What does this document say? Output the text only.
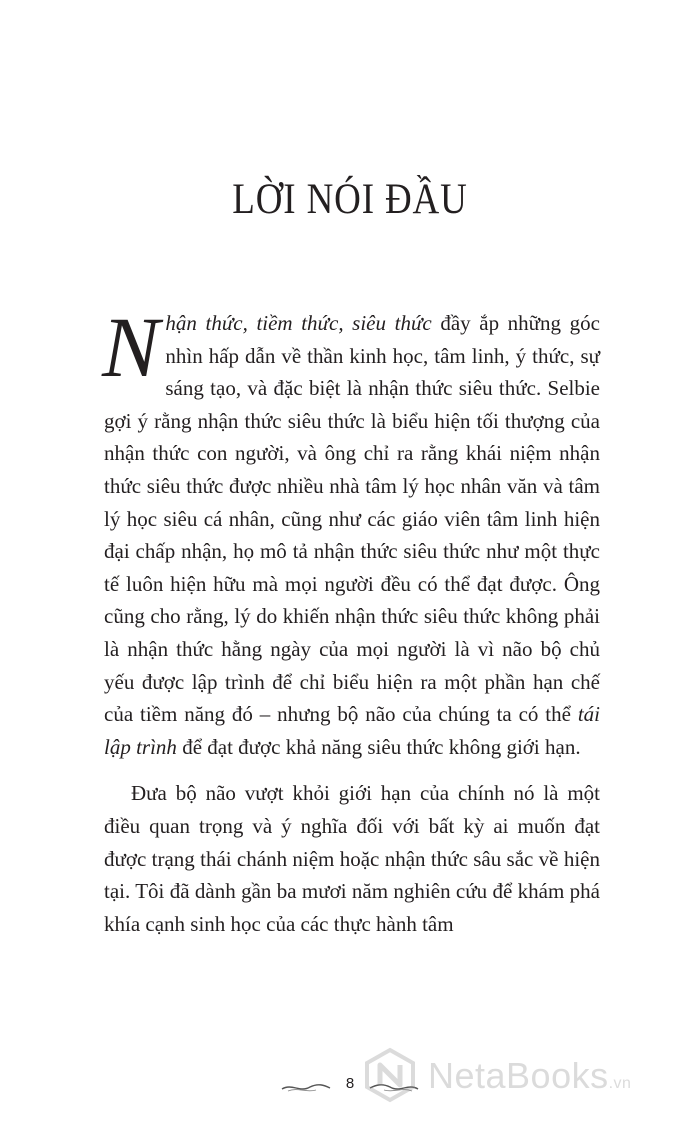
LỜI NÓI ĐẦU

Nhận thức, tiềm thức, siêu thức đầy ắp những góc nhìn hấp dẫn về thần kinh học, tâm linh, ý thức, sự sáng tạo, và đặc biệt là nhận thức siêu thức. Selbie gợi ý rằng nhận thức siêu thức là biểu hiện tối thượng của nhận thức con người, và ông chỉ ra rằng khái niệm nhận thức siêu thức được nhiều nhà tâm lý học nhân văn và tâm lý học siêu cá nhân, cũng như các giáo viên tâm linh hiện đại chấp nhận, họ mô tả nhận thức siêu thức như một thực tế luôn hiện hữu mà mọi người đều có thể đạt được. Ông cũng cho rằng, lý do khiến nhận thức siêu thức không phải là nhận thức hằng ngày của mọi người là vì não bộ chủ yếu được lập trình để chỉ biểu hiện ra một phần hạn chế của tiềm năng đó – nhưng bộ não của chúng ta có thể tái lập trình để đạt được khả năng siêu thức không giới hạn.

Đưa bộ não vượt khỏi giới hạn của chính nó là một điều quan trọng và ý nghĩa đối với bất kỳ ai muốn đạt được trạng thái chánh niệm hoặc nhận thức sâu sắc về hiện tại. Tôi đã dành gần ba mươi năm nghiên cứu để khám phá khía cạnh sinh học của các thực hành tâm

8	NetaBooks.vn
